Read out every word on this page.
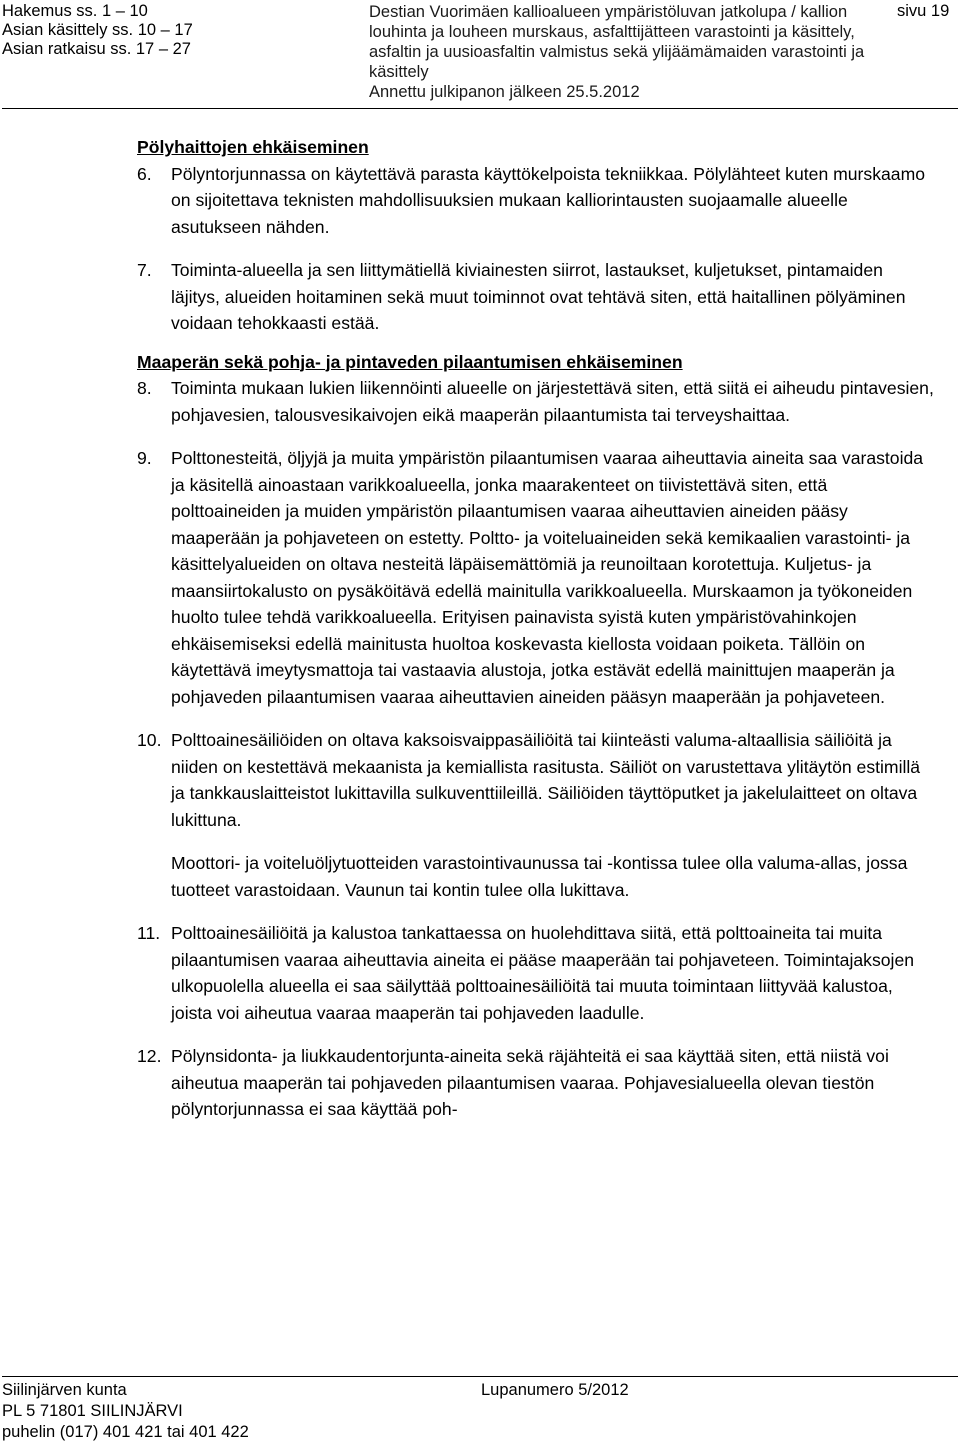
Hakemus ss. 1 – 10
Asian käsittely ss. 10 – 17
Asian ratkaisu ss. 17 – 27
Destian Vuorimäen kallioalueen ympäristöluvan jatkolupa / kallion louhinta ja louheen murskaus, asfalttijätteen varastointi ja käsittely, asfaltin ja uusioasfaltin valmistus sekä ylijäämämaiden varastointi ja käsittely
Annettu julkipanon jälkeen 25.5.2012
sivu 19

Pölyhaittojen ehkäiseminen

6.	Pölyntorjunnassa on käytettävä parasta käyttökelpoista tekniikkaa. Pölylähteet kuten murskaamo on sijoitettava teknisten mahdollisuuksien mukaan kalliorintausten suojaamalle alueelle asutukseen nähden.
7.	Toiminta-alueella ja sen liittymätiellä kiviainesten siirrot, lastaukset, kuljetukset, pintamaiden läjitys, alueiden hoitaminen sekä muut toiminnot ovat tehtävä siten, että haitallinen pölyäminen voidaan tehokkaasti estää.

Maaperän sekä pohja- ja pintaveden pilaantumisen ehkäiseminen

8.	Toiminta mukaan lukien liikennöinti alueelle on järjestettävä siten, että siitä ei aiheudu pintavesien, pohjavesien, talousvesikaivojen eikä maaperän pilaantumista tai terveyshaittaa.
9.	Polttonesteitä, öljyjä ja muita ympäristön pilaantumisen vaaraa aiheuttavia aineita saa varastoida ja käsitellä ainoastaan varikkoalueella, jonka maarakenteet on tiivistettävä siten, että polttoaineiden ja muiden ympäristön pilaantumisen vaaraa aiheuttavien aineiden pääsy maaperään ja pohjaveteen on estetty. Poltto- ja voiteluaineiden sekä kemikaalien varastointi- ja käsittelyalueiden on oltava nesteitä läpäisemättömiä ja reunoiltaan korotettuja. Kuljetus- ja maansiirtokalusto on pysäköitävä edellä mainitulla varikkoalueella. Murskaamon ja työkoneiden huolto tulee tehdä varikkoalueella. Erityisen painavista syistä kuten ympäristövahinkojen ehkäisemiseksi edellä mainitusta huoltoa koskevasta kiellosta voidaan poiketa. Tällöin on käytettävä imeytysmattoja tai vastaavia alustoja, jotka estävät edellä mainittujen maaperän ja pohjaveden pilaantumisen vaaraa aiheuttavien aineiden pääsyn maaperään ja pohjaveteen.
10. Polttoainesäiliöiden on oltava kaksoisvaippasäiliöitä tai kiinteästi valuma-altaallisia säiliöitä ja niiden on kestettävä mekaanista ja kemiallista rasitusta. Säiliöt on varustettava ylitäytön estimillä ja tankkauslaitteistot lukittavilla sulkuventtiileillä. Säiliöiden täyttöputket ja jakelulaitteet on oltava lukittuna.

Moottori- ja voiteluöljytuotteiden varastointivaunussa tai -kontissa tulee olla valuma-allas, jossa tuotteet varastoidaan. Vaunun tai kontin tulee olla lukittava.

11. Polttoainesäiliöitä ja kalustoa tankattaessa on huolehdittava siitä, että polttoaineita tai muita pilaantumisen vaaraa aiheuttavia aineita ei pääse maaperään tai pohjaveteen. Toimintajaksojen ulkopuolella alueella ei saa säilyttää polttoainesäiliöitä tai muuta toimintaan liittyvää kalustoa, joista voi aiheutua vaaraa maaperän tai pohjaveden laadulle.
12. Pölynsidonta- ja liukkaudentorjunta-aineita sekä räjähteitä ei saa käyttää siten, että niistä voi aiheutua maaperän tai pohjaveden pilaantumisen vaaraa. Pohjavesialueella olevan tiestön pölyntorjunnassa ei saa käyttää poh-
Siilinjärven kunta
PL 5 71801 SIILINJÄRVI
puhelin (017) 401 421 tai 401 422
Lupanumero 5/2012
